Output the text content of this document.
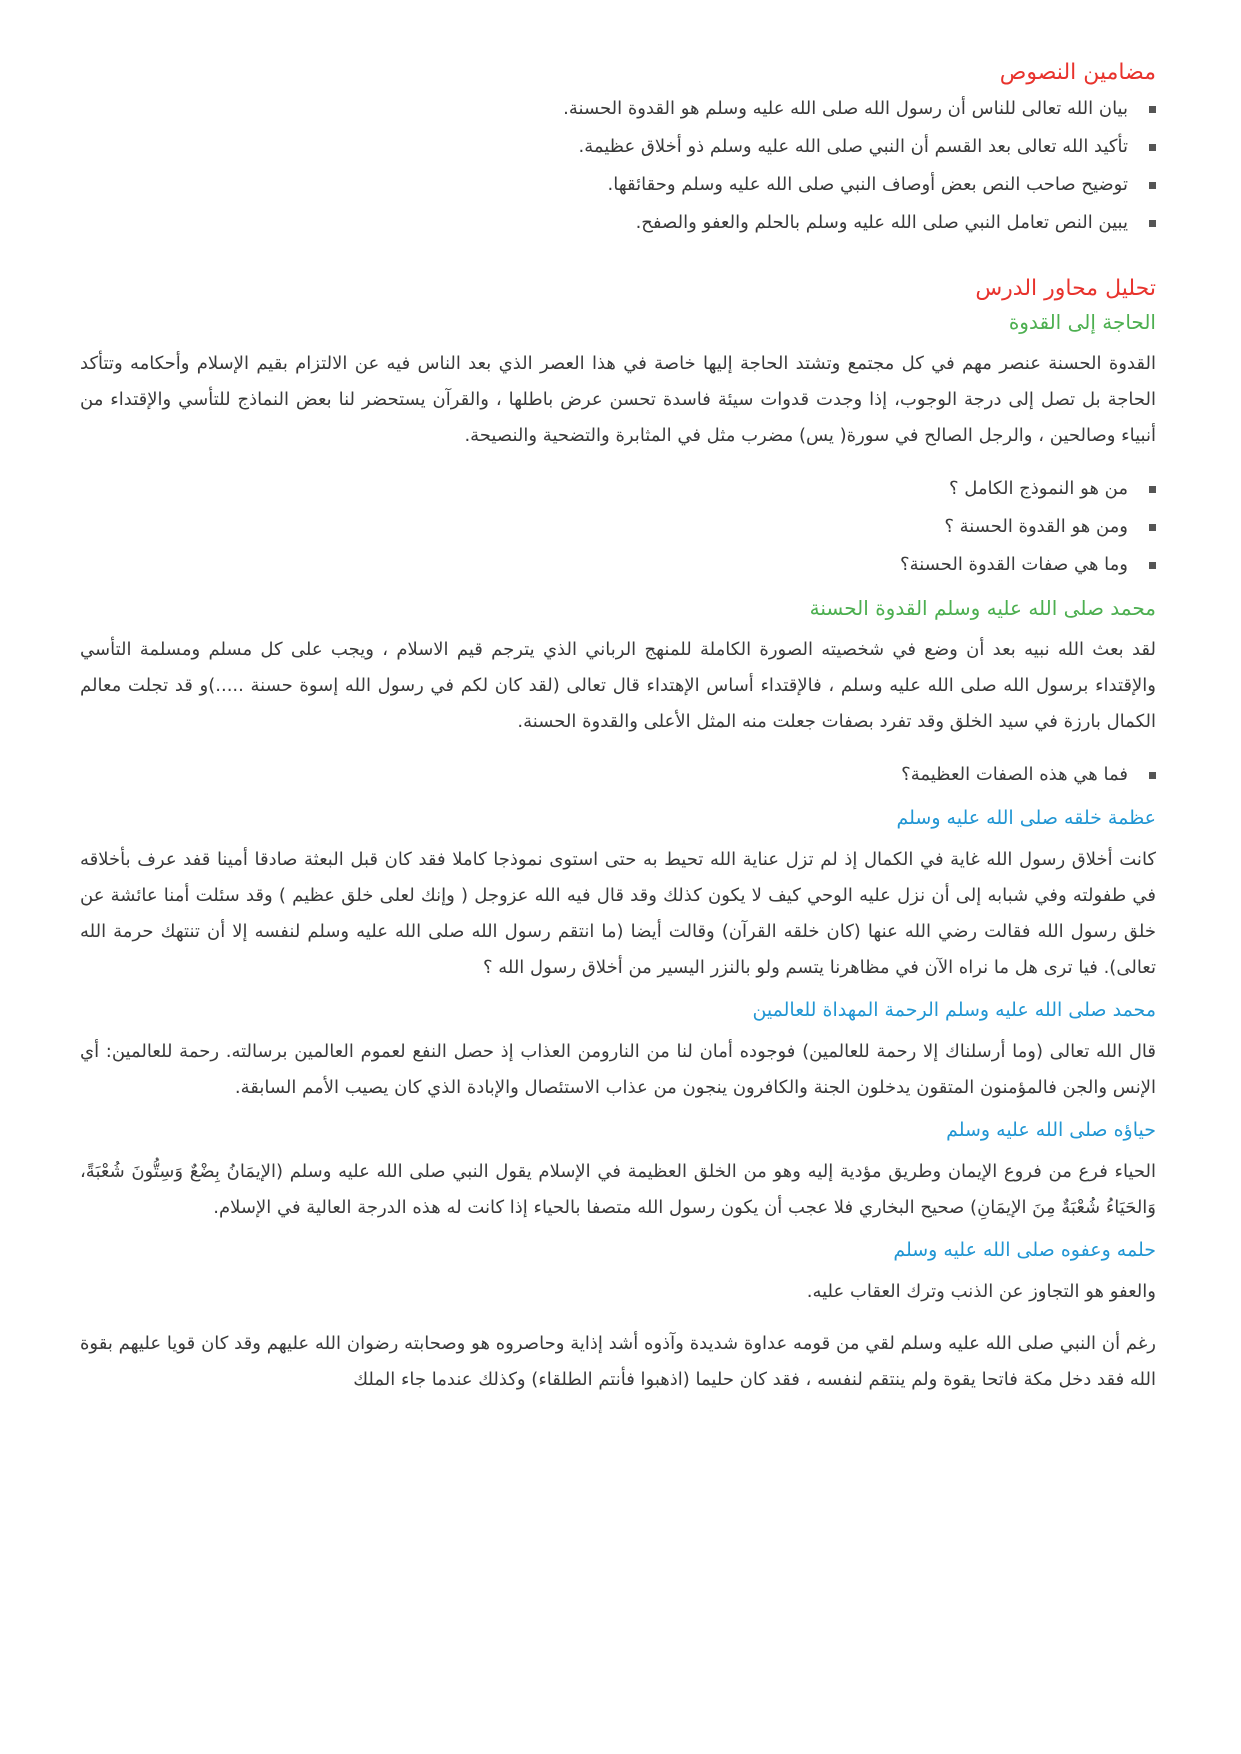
مضامين النصوص
بيان الله تعالى للناس أن رسول الله صلى الله عليه وسلم هو القدوة الحسنة.
تأكيد الله تعالى بعد القسم أن النبي صلى الله عليه وسلم ذو أخلاق عظيمة.
توضيح صاحب النص بعض أوصاف النبي صلى الله عليه وسلم وحقائقها.
يبين النص تعامل النبي صلى الله عليه وسلم بالحلم والعفو والصفح.
تحليل محاور الدرس
الحاجة إلى القدوة

القدوة الحسنة عنصر مهم في كل مجتمع وتشتد الحاجة إليها خاصة في هذا العصر الذي بعد الناس فيه عن الالتزام بقيم الإسلام وأحكامه وتتأكد الحاجة بل تصل إلى درجة الوجوب، إذا وجدت قدوات سيئة فاسدة تحسن عرض باطلها ، والقرآن يستحضر لنا بعض النماذج للتأسي والإقتداء من أنبياء وصالحين ، والرجل الصالح في سورة( يس) مضرب مثل في المثابرة والتضحية والنصيحة.

من هو النموذج الكامل ؟
ومن هو القدوة الحسنة ؟
وما هي صفات القدوة الحسنة؟
محمد صلى الله عليه وسلم القدوة الحسنة

لقد بعث الله نبيه بعد أن وضع في شخصيته الصورة الكاملة للمنهج الرباني الذي يترجم قيم الاسلام ، ويجب على كل مسلم ومسلمة التأسي والإقتداء برسول الله صلى الله عليه وسلم ، فالإقتداء أساس الإهتداء قال تعالى (لقد كان لكم في رسول الله إسوة حسنة .....)و قد تجلت معالم الكمال بارزة في سيد الخلق وقد تفرد بصفات جعلت منه المثل الأعلى والقدوة الحسنة.

فما هي هذه الصفات العظيمة؟
عظمة خلقه صلى الله عليه وسلم

كانت أخلاق رسول الله غاية في الكمال إذ لم تزل عناية الله تحيط به حتى استوى نموذجا كاملا فقد كان قبل البعثة صادقا أمينا قفد عرف بأخلاقه في طفولته وفي شبابه إلى أن نزل عليه الوحي كيف لا يكون كذلك وقد قال فيه الله عزوجل ( وإنك لعلى خلق عظيم ) وقد سئلت أمنا عائشة عن خلق رسول الله فقالت رضي الله عنها (كان خلقه القرآن) وقالت أيضا (ما انتقم رسول الله صلى الله عليه وسلم لنفسه إلا أن تنتهك حرمة الله تعالى). فيا ترى هل ما نراه الآن في مظاهرنا يتسم ولو بالنزر اليسير من أخلاق رسول الله ؟

محمد صلى الله عليه وسلم الرحمة المهداة للعالمين

قال الله تعالى (وما أرسلناك إلا رحمة للعالمين) فوجوده أمان لنا من النارومن العذاب إذ حصل النفع لعموم العالمين برسالته. رحمة للعالمين: أي الإنس والجن فالمؤمنون المتقون يدخلون الجنة والكافرون ينجون من عذاب الاستئصال والإبادة الذي كان يصيب الأمم السابقة.

حياؤه صلى الله عليه وسلم

الحياء فرع من فروع الإيمان وطريق مؤدية إليه وهو من الخلق العظيمة في الإسلام يقول النبي صلى الله عليه وسلم (الإيمَانُ بِضْعٌ وَسِتُّونَ شُعْبَةً، وَالحَيَاءُ شُعْبَةٌ مِنَ الإيمَانِ) صحيح البخاري فلا عجب أن يكون رسول الله متصفا بالحياء إذا كانت له هذه الدرجة العالية في الإسلام.

حلمه وعفوه صلى الله عليه وسلم

والعفو هو التجاوز عن الذنب وترك العقاب عليه.

رغم أن النبي صلى الله عليه وسلم لقي من قومه عداوة شديدة وآذوه أشد إذاية وحاصروه هو وصحابته رضوان الله عليهم وقد كان قويا عليهم بقوة الله فقد دخل مكة فاتحا يقوة ولم ينتقم لنفسه ، فقد كان حليما (اذهبوا فأنتم الطلقاء) وكذلك عندما جاء الملك
